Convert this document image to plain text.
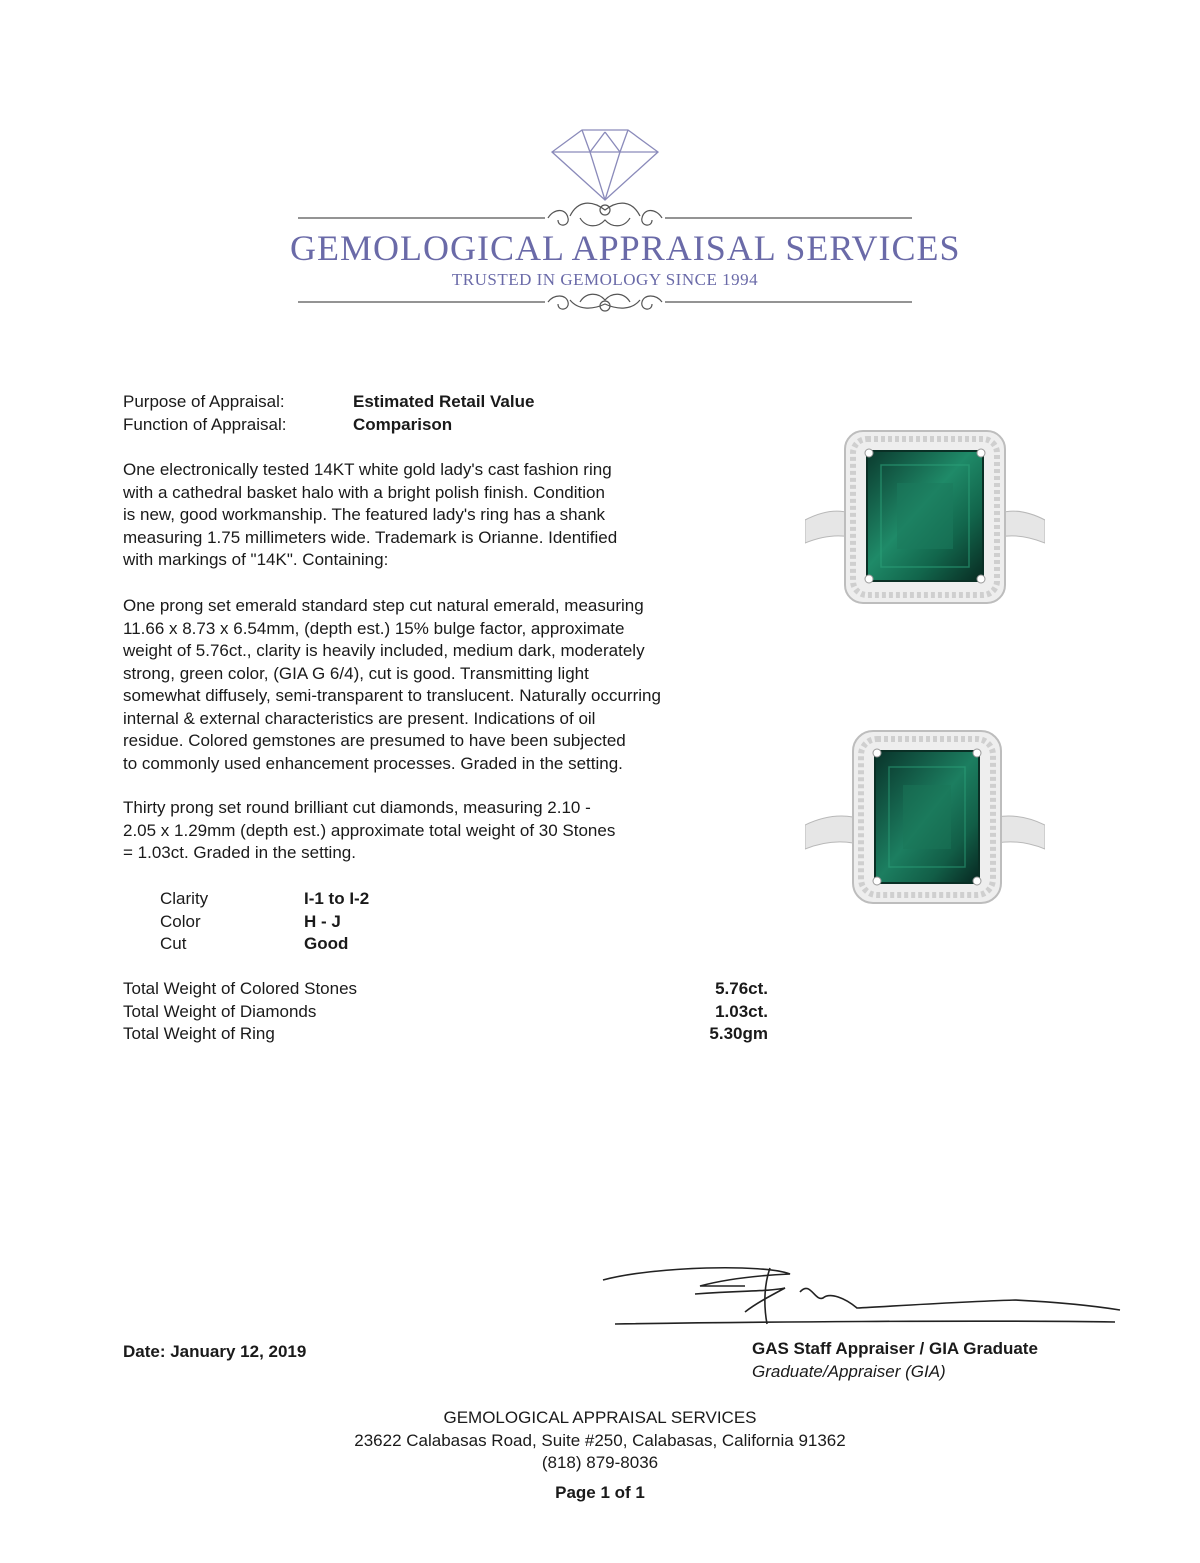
GEMOLOGICAL APPRAISAL SERVICES
TRUSTED IN GEMOLOGY SINCE 1994
Purpose of Appraisal:	Estimated Retail Value
Function of Appraisal:	Comparison
One electronically tested 14KT white gold lady's cast fashion ring
with a cathedral basket halo with a bright polish finish. Condition
is new, good workmanship. The featured lady's ring has a shank
measuring 1.75 millimeters wide. Trademark is Orianne. Identified
with markings of "14K". Containing:
One prong set emerald standard step cut natural emerald, measuring
11.66 x 8.73 x 6.54mm, (depth est.) 15% bulge factor, approximate
weight of 5.76ct., clarity is heavily included, medium dark, moderately
strong, green color, (GIA G 6/4), cut is good. Transmitting light
somewhat diffusely, semi-transparent to translucent. Naturally occurring
internal & external characteristics are present. Indications of oil
residue. Colored gemstones are presumed to have been subjected
to commonly used enhancement processes. Graded in the setting.
Thirty prong set round brilliant cut diamonds, measuring 2.10 -
2.05 x 1.29mm (depth est.) approximate total weight of 30 Stones
= 1.03ct. Graded in the setting.
Clarity	I-1 to I-2
Color	H - J
Cut	Good
Total Weight of Colored Stones	5.76ct.
Total Weight of Diamonds	1.03ct.
Total Weight of Ring	5.30gm
Date: January 12, 2019	GAS Staff Appraiser / GIA Graduate
Graduate/Appraiser (GIA)
GEMOLOGICAL APPRAISAL SERVICES
23622 Calabasas Road, Suite #250, Calabasas, California 91362
(818) 879-8036
Page 1 of 1
